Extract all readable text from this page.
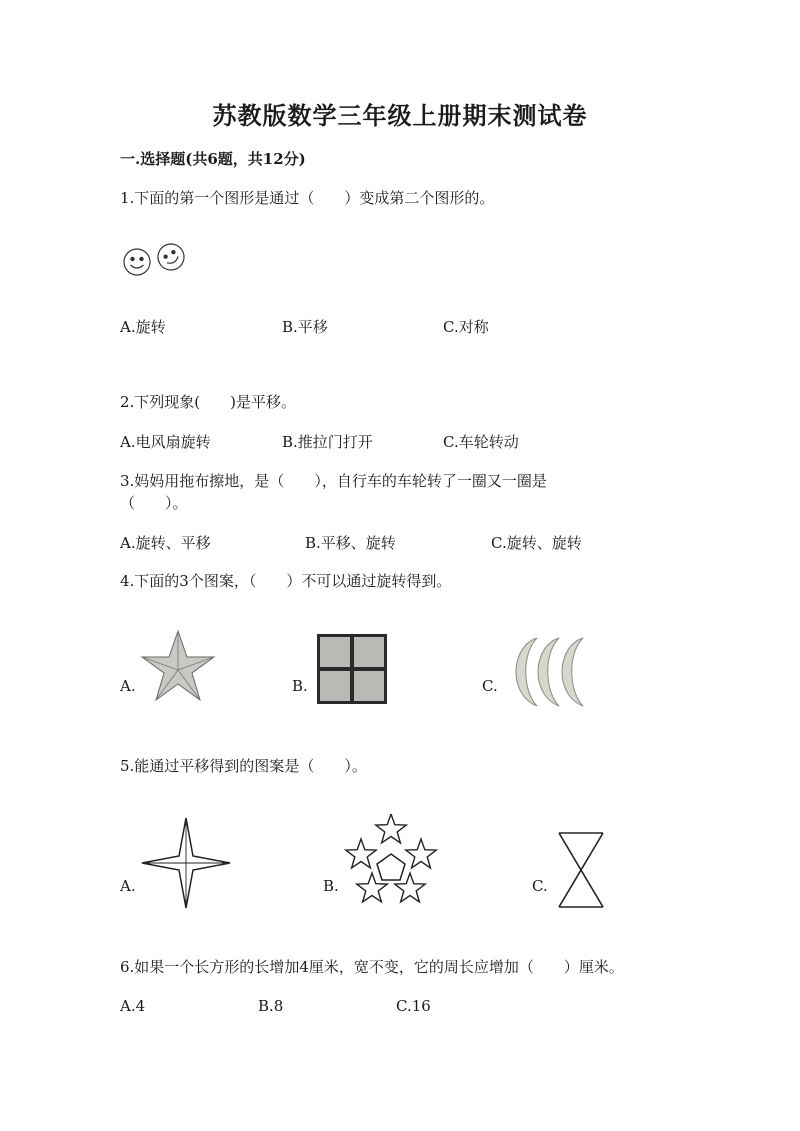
苏教版数学三年级上册期末测试卷
一.选择题(共6题，共12分)
1.下面的第一个图形是通过（　　）变成第二个图形的。
A.旋转	B.平移	C.对称
2.下列现象(　　)是平移。
A.电风扇旋转	B.推拉门打开	C.车轮转动
3.妈妈用拖布擦地，是（　　），自行车的车轮转了一圈又一圈是
（　　）。
A.旋转、平移	B.平移、旋转	C.旋转、旋转
4.下面的3个图案，（　　）不可以通过旋转得到。
A.	B.	C.
5.能通过平移得到的图案是（　　）。
A.	B.	C.
6.如果一个长方形的长增加4厘米，宽不变，它的周长应增加（　　）厘米。
A.4	B.8	C.16
